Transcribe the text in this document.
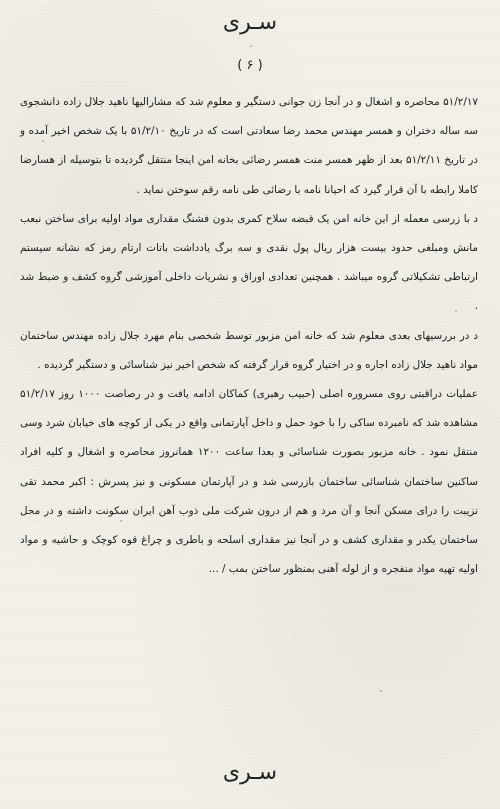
سـری
( ۶ )

۵۱/۲/۱۷ محاصره و اشغال و در آنجا زن جوانی دستگیر و معلوم شد که مشارالیها ناهید جلال زاده دانشجوی سه ساله دختران و همسر مهندس محمد رضا سعادتی است که در تاریخ ۵۱/۲/۱۰ با یک شخص اخیر آمده و در تاریخ ۵۱/۲/۱۱ بعد از ظهر همسر منت همسر رضائی بخانه امن اینجا منتقل گردیده تا بتوسیله از هسارضا کاملا رابطه با آن قرار گیرد که احیانا نامه با رضائی طی نامه رقم سوختن نماید .

د با زرسی معمله از این خانه امن یک قبضه سلاح کمری بدون فشنگ مقداری مواد اولیه برای ساختن نبعب مانش ومبلغی حدود بیست هزار ریال پول نقدی و سه برگ یادداشت باتات ارتام رمز که نشانه سیستم ارتباطی تشکیلاتی گروه میباشد . همچنین تعدادی اوراق و نشریات داخلی آموزشی گروه کشف و ضبط شد .

د در بررسیهای بعدی معلوم شد که خانه امن مزبور توسط شخصی بنام مهرد جلال زاده مهندس ساختمان مواد ناهید جلال زاده اجاره و در اختیار گروه قرار گرفته که شخص اخیر نیز شناسائی و دستگیر گردیده .

عملیات دراقبتی روی مسروره اصلی (حبیب رهبری) کماکان ادامه یافت و در رصاصت ۱۰۰۰ روز ۵۱/۲/۱۷ مشاهده شد که نامبرده ساکی را با خود حمل و داخل آپارتمانی واقع در یکی از کوچه های خیابان شرد وسی منتقل نمود . خانه مزبور بصورت شناسائی و بعدا ساعت ۱۲۰۰ همانروز محاصره و اشغال و کلیه افراد ساکنین ساختمان شناسائی ساختمان بازرسی شد و در آپارتمان مسکونی و نیز پسرش : اکبر محمد تقی نزیبت را درای مسکن آنجا و آن مرد و هم از درون شرکت ملی ذوب آهن ایران سکونت داشته و در محل ساختمان یکدر و مقداری کشف و در آنجا نیز مقداری اسلحه و باطری و چراغ قوه کوچک و حاشیه و مواد اولیه تهیه مواد منفجره و از لوله آهنی بمنظور ساختن بمب / ...

سـری
